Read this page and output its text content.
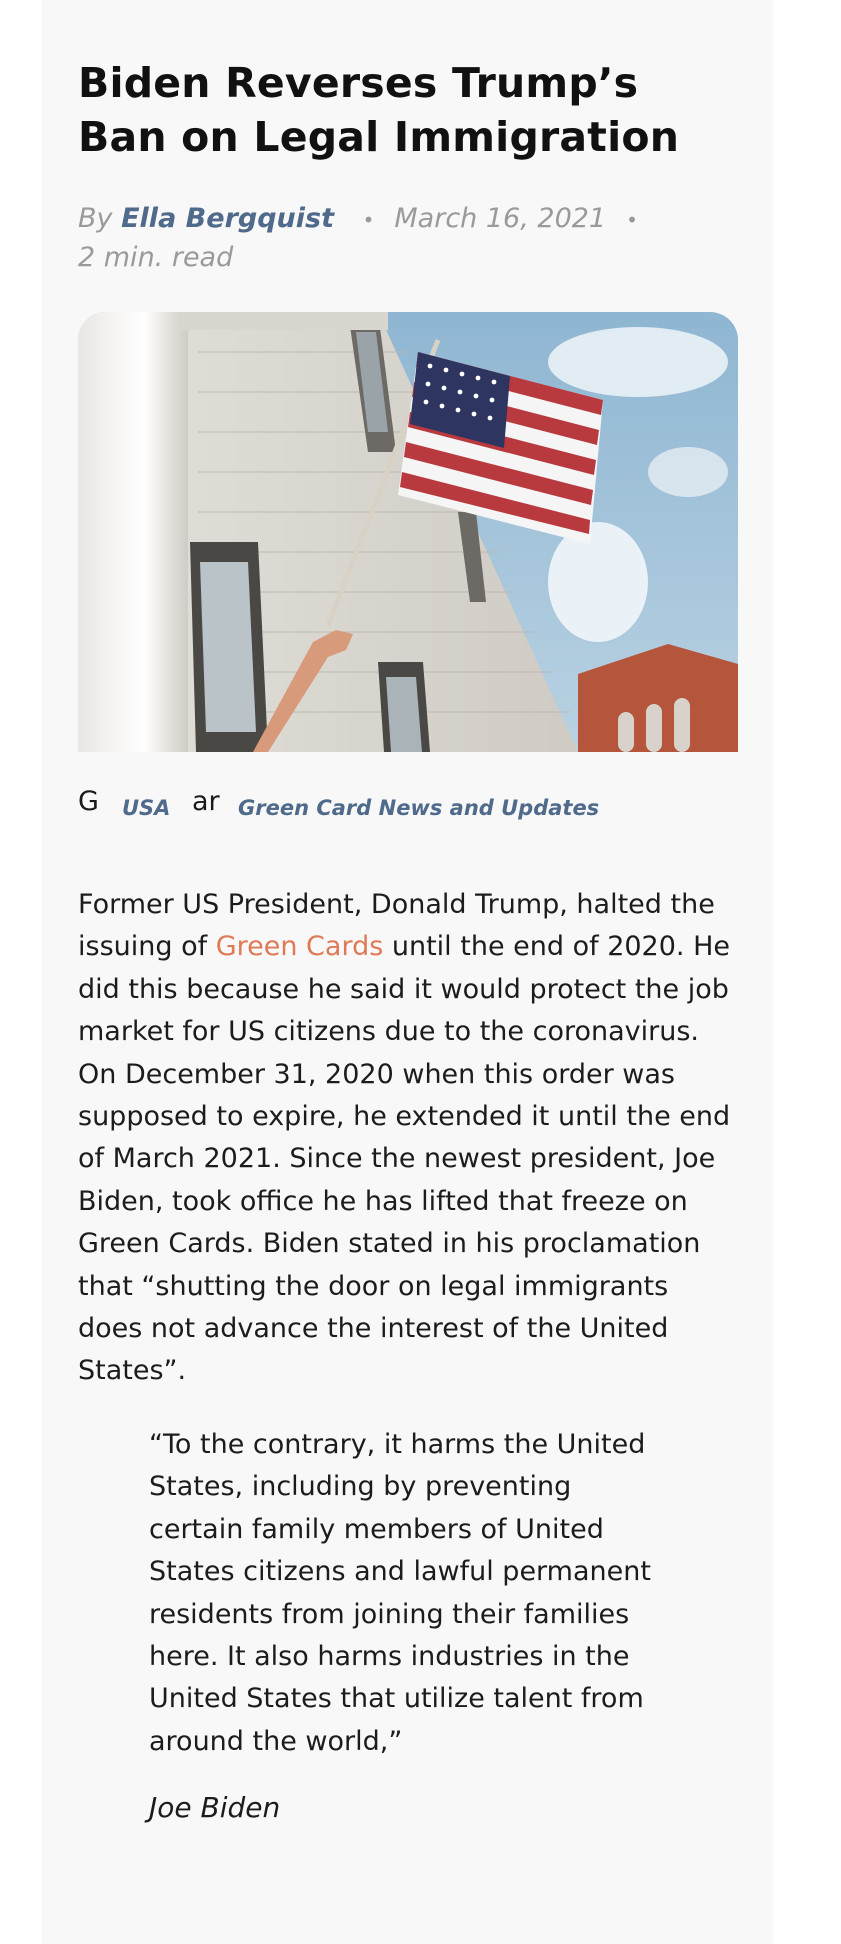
Biden Reverses Trump’s Ban on Legal Immigration
By Ella Bergquist • March 16, 2021 •
2 min. read
G USA ar Green Card News and Updates

Former US President, Donald Trump, halted the issuing of Green Cards until the end of 2020. He did this because he said it would protect the job market for US citizens due to the coronavirus. On December 31, 2020 when this order was supposed to expire, he extended it until the end of March 2021. Since the newest president, Joe Biden, took office he has lifted that freeze on Green Cards. Biden stated in his proclamation that “shutting the door on legal immigrants does not advance the interest of the United States”.

“To the contrary, it harms the United States, including by preventing certain family members of United States citizens and lawful permanent residents from joining their families here. It also harms industries in the United States that utilize talent from around the world,”

Joe Biden
